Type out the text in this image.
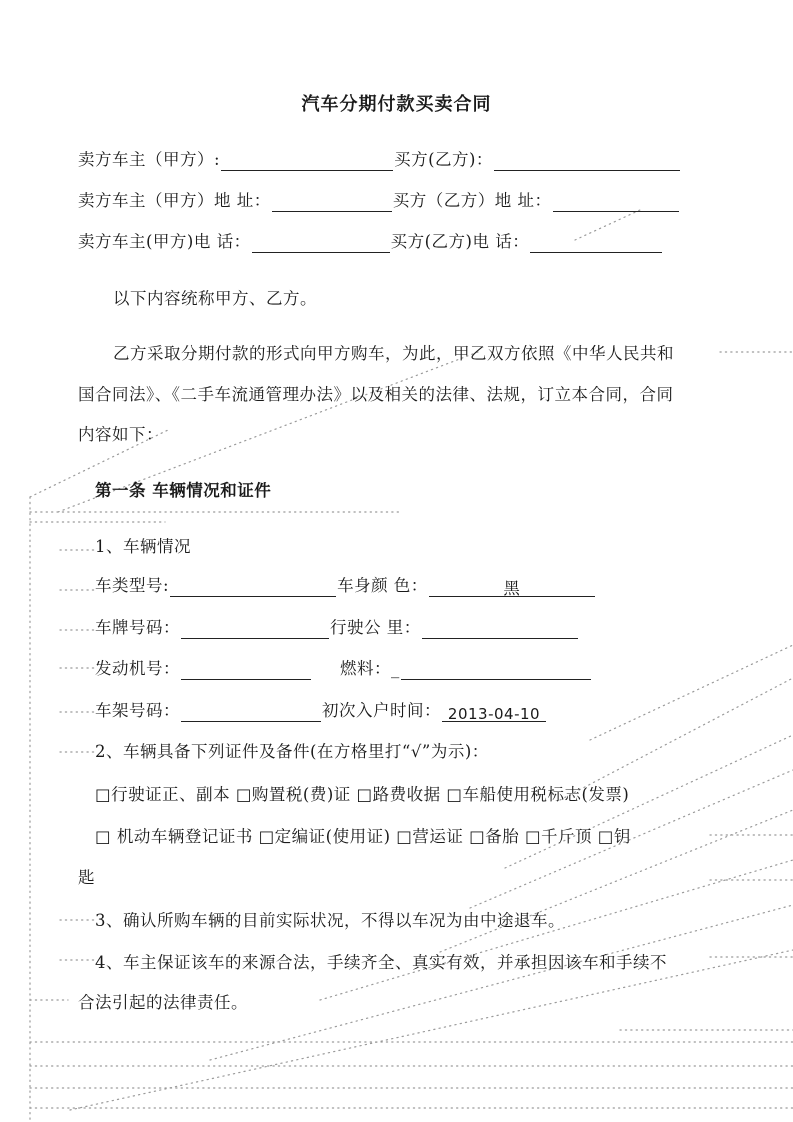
汽车分期付款买卖合同
卖方车主（甲方）:	买方(乙方)：
卖方车主（甲方）地 址：	买方（乙方）地 址：
卖方车主(甲方)电 话：	买方(乙方)电 话：
以下内容统称甲方、乙方。
乙方采取分期付款的形式向甲方购车，为此，甲乙双方依照《中华人民共和
国合同法》、《二手车流通管理办法》以及相关的法律、法规，订立本合同，合同
内容如下：
第一条 车辆情况和证件
1、车辆情况
车类型号:	车身颜 色：	黑
车牌号码：	行驶公 里：
发动机号：	燃料：_
车架号码：	初次入户时间： 2013-04-10
2、车辆具备下列证件及备件(在方格里打“√”为示)：
□行驶证正、副本 □购置税(费)证 □路费收据 □车船使用税标志(发票)
□ 机动车辆登记证书 □定编证(使用证) □营运证 □备胎 □千斤顶 □钥
匙
3、确认所购车辆的目前实际状况，不得以车况为由中途退车。
4、车主保证该车的来源合法，手续齐全、真实有效，并承担因该车和手续不
合法引起的法律责任。
